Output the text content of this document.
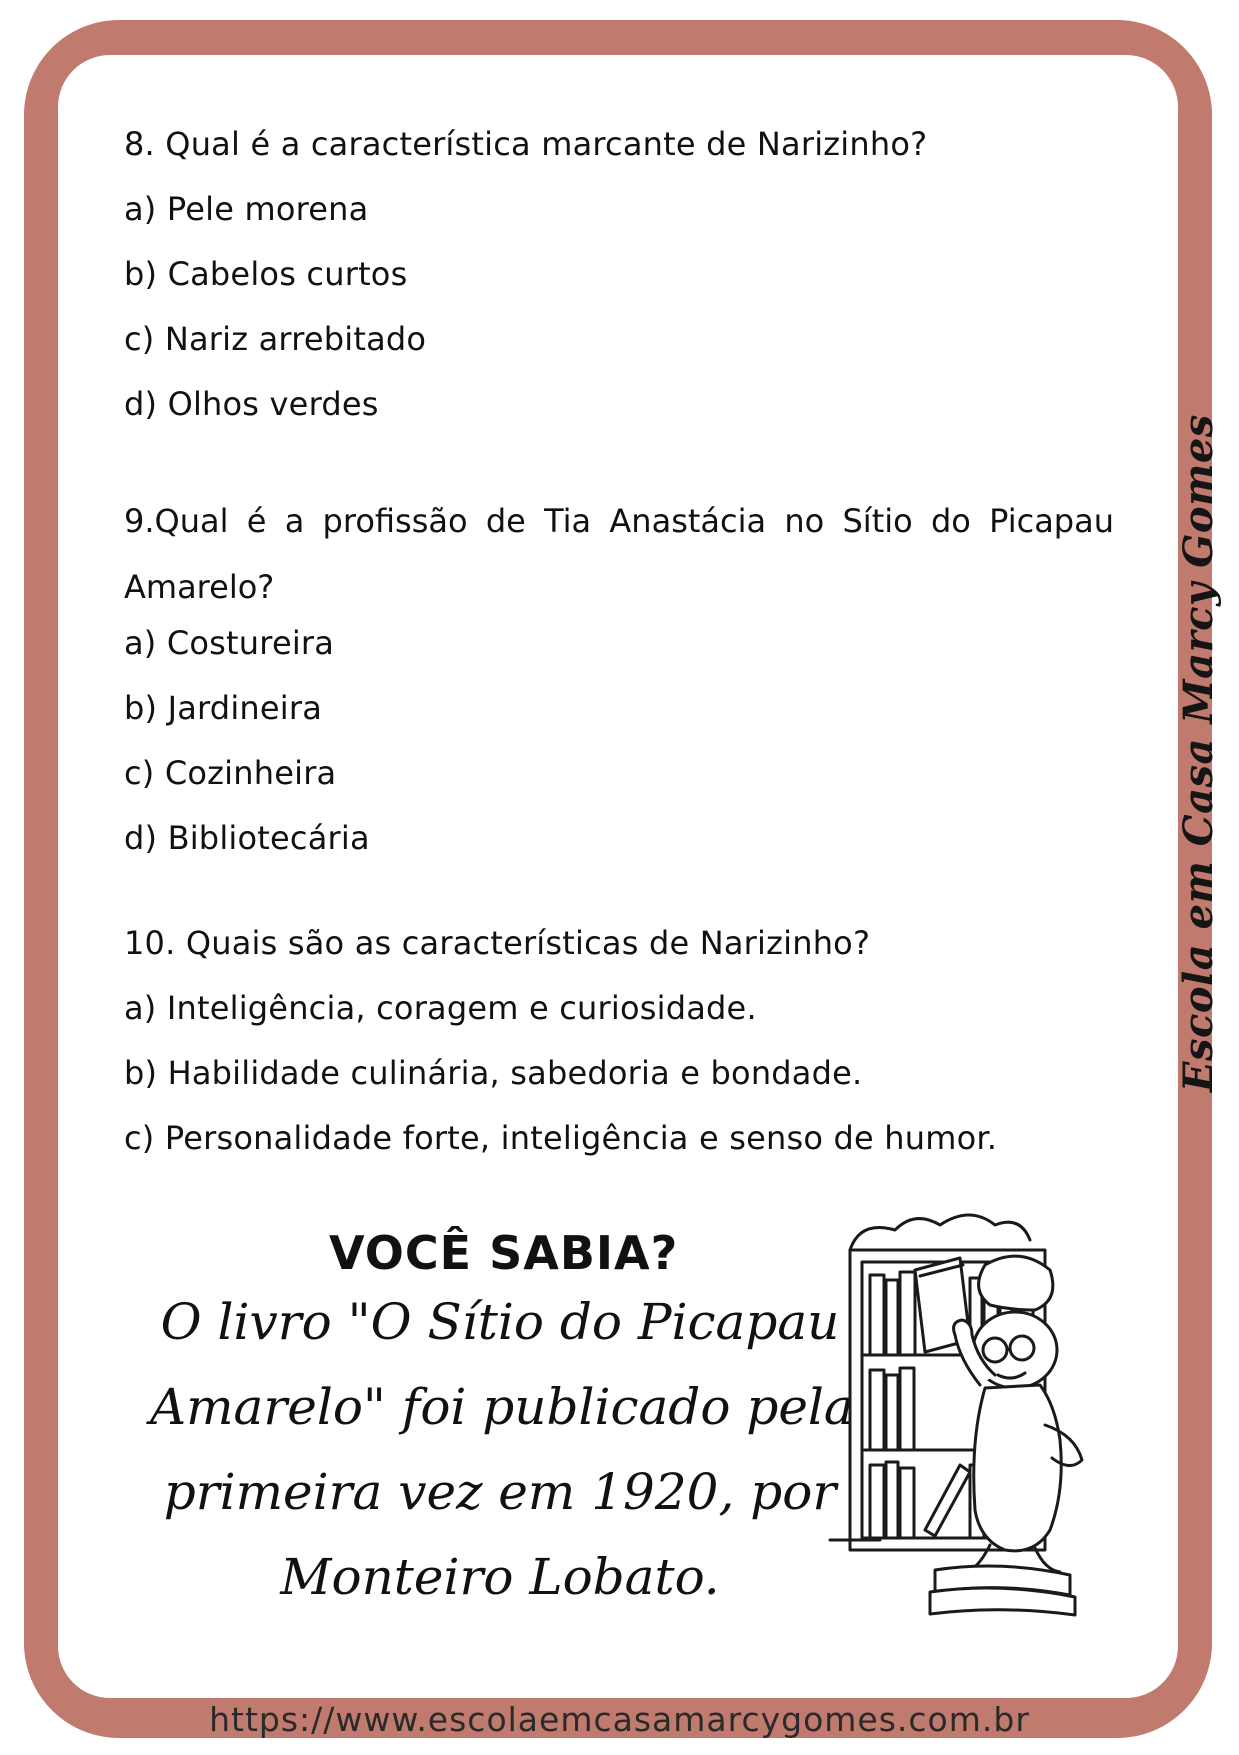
8. Qual é a característica marcante de Narizinho?
a) Pele morena
b) Cabelos curtos
c) Nariz arrebitado
d) Olhos verdes
9.Qual é a profissão de Tia Anastácia no Sítio do Picapau Amarelo?
a) Costureira
b) Jardineira
c) Cozinheira
d) Bibliotecária
10. Quais são as características de Narizinho?
a) Inteligência, coragem e curiosidade.
b) Habilidade culinária, sabedoria e bondade.
c) Personalidade forte, inteligência e senso de humor.
Escola em Casa Marcy Gomes
VOCÊ SABIA?
O livro "O Sítio do Picapau
Amarelo" foi publicado pela
primeira vez em 1920, por
Monteiro Lobato.
https://www.escolaemcasamarcygomes.com.br
